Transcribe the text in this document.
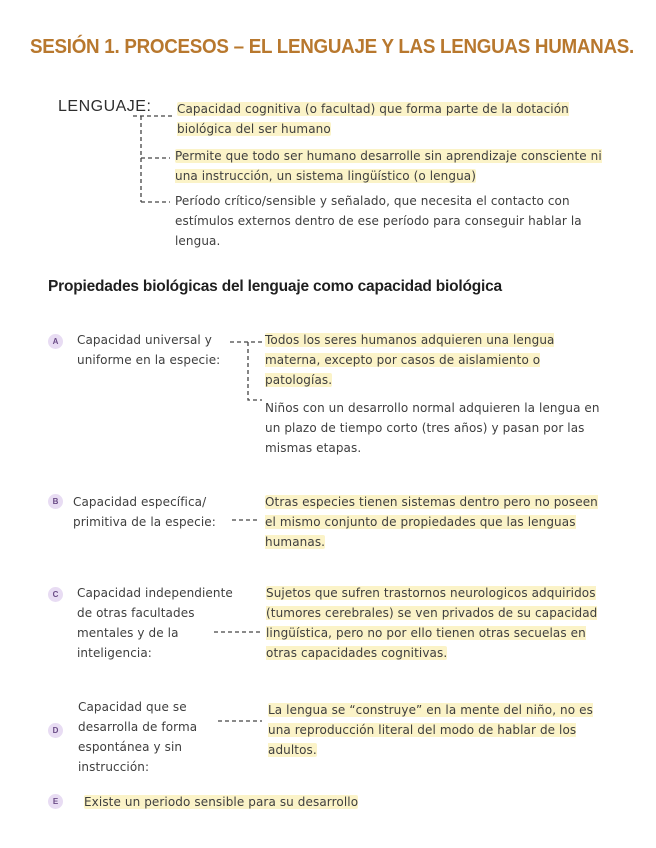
SESIÓN 1. PROCESOS – EL LENGUAJE Y LAS LENGUAS HUMANAS.
LENGUAJE: Capacidad cognitiva (o facultad) que forma parte de la dotación biológica del ser humano
Permite que todo ser humano desarrolle sin aprendizaje consciente ni una instrucción, un sistema lingüístico (o lengua)
Período crítico/sensible y señalado, que necesita el contacto con estímulos externos dentro de ese período para conseguir hablar la lengua.
Propiedades biológicas del lenguaje como capacidad biológica
A	Capacidad universal y uniforme en la especie:
Todos los seres humanos adquieren una lengua materna, excepto por casos de aislamiento o patologías.
Niños con un desarrollo normal adquieren la lengua en un plazo de tiempo corto (tres años) y pasan por las mismas etapas.
B	Capacidad específica/ primitiva de la especie:
Otras especies tienen sistemas dentro pero no poseen el mismo conjunto de propiedades que las lenguas humanas.
C	Capacidad independiente de otras facultades mentales y de la inteligencia:
Sujetos que sufren trastornos neurologicos adquiridos (tumores cerebrales) se ven privados de su capacidad lingüística, pero no por ello tienen otras secuelas en otras capacidades cognitivas.
D
Capacidad que se desarrolla de forma espontánea y sin instrucción:
La lengua se “construye” en la mente del niño, no es una reproducción literal del modo de hablar de los adultos.
E	Existe un periodo sensible para su desarrollo
